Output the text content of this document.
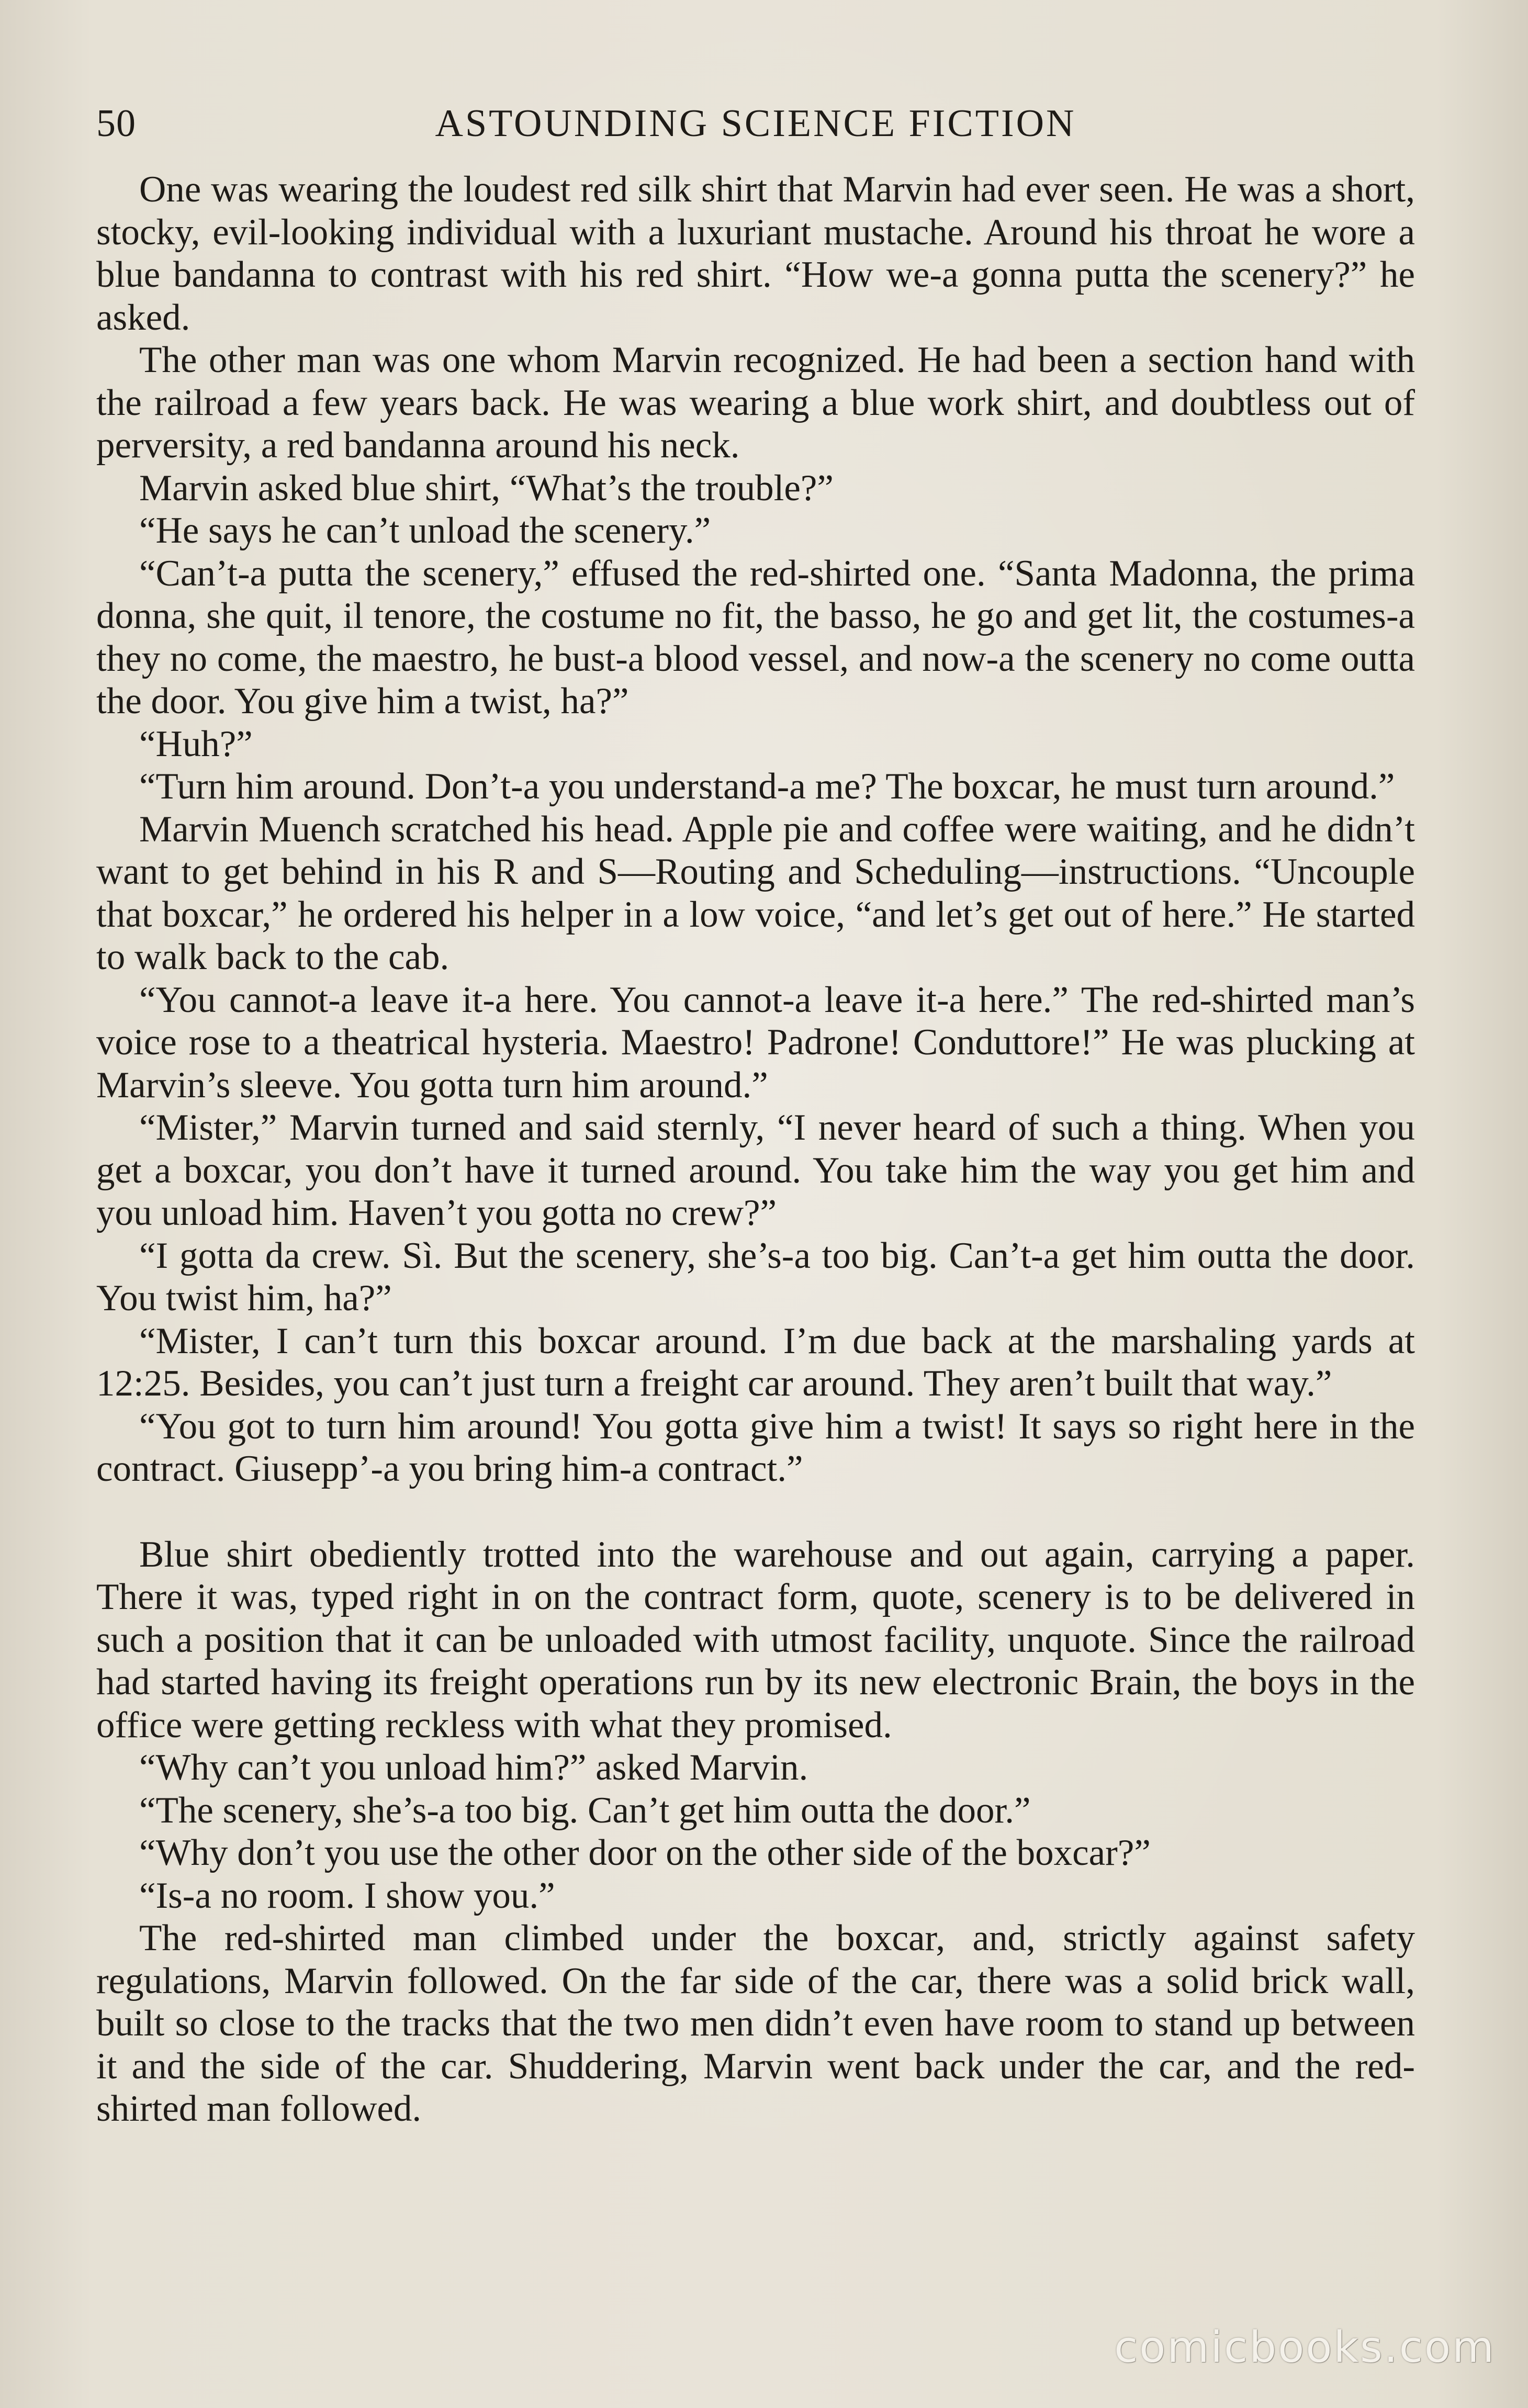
50	ASTOUNDING SCIENCE FICTION

One was wearing the loudest red silk shirt that Marvin had ever seen. He was a short, stocky, evil-looking individual with a luxuriant mustache. Around his throat he wore a blue bandanna to contrast with his red shirt. “How we-a gonna putta the scenery?” he asked.

The other man was one whom Marvin recognized. He had been a section hand with the railroad a few years back. He was wearing a blue work shirt, and doubtless out of perversity, a red bandanna around his neck.

Marvin asked blue shirt, “What’s the trouble?”

“He says he can’t unload the scenery.”

“Can’t-a putta the scenery,” effused the red-shirted one. “Santa Madonna, the prima donna, she quit, il tenore, the costume no fit, the basso, he go and get lit, the costumes-a they no come, the maestro, he bust-a blood vessel, and now-a the scenery no come outta the door. You give him a twist, ha?”

“Huh?”

“Turn him around. Don’t-a you understand-a me? The boxcar, he must turn around.”

Marvin Muench scratched his head. Apple pie and coffee were waiting, and he didn’t want to get behind in his R and S—Routing and Scheduling—instructions. “Uncouple that boxcar,” he ordered his helper in a low voice, “and let’s get out of here.” He started to walk back to the cab.

“You cannot-a leave it-a here. You cannot-a leave it-a here.” The red-shirted man’s voice rose to a theatrical hysteria. Maestro! Padrone! Conduttore!” He was plucking at Marvin’s sleeve. You gotta turn him around.”

“Mister,” Marvin turned and said sternly, “I never heard of such a thing. When you get a boxcar, you don’t have it turned around. You take him the way you get him and you unload him. Haven’t you gotta no crew?”

“I gotta da crew. Sì. But the scenery, she’s-a too big. Can’t-a get him outta the door. You twist him, ha?”

“Mister, I can’t turn this boxcar around. I’m due back at the marshaling yards at 12:25. Besides, you can’t just turn a freight car around. They aren’t built that way.”

“You got to turn him around! You gotta give him a twist! It says so right here in the contract. Giusepp’-a you bring him-a contract.”

Blue shirt obediently trotted into the warehouse and out again, carrying a paper. There it was, typed right in on the contract form, quote, scenery is to be delivered in such a position that it can be unloaded with utmost facility, unquote. Since the railroad had started having its freight operations run by its new electronic Brain, the boys in the office were getting reckless with what they promised.

“Why can’t you unload him?” asked Marvin.

“The scenery, she’s-a too big. Can’t get him outta the door.”

“Why don’t you use the other door on the other side of the boxcar?”

“Is-a no room. I show you.”

The red-shirted man climbed under the boxcar, and, strictly against safety regulations, Marvin followed. On the far side of the car, there was a solid brick wall, built so close to the tracks that the two men didn’t even have room to stand up between it and the side of the car. Shuddering, Marvin went back under the car, and the red-shirted man followed.

comicbooks.com
